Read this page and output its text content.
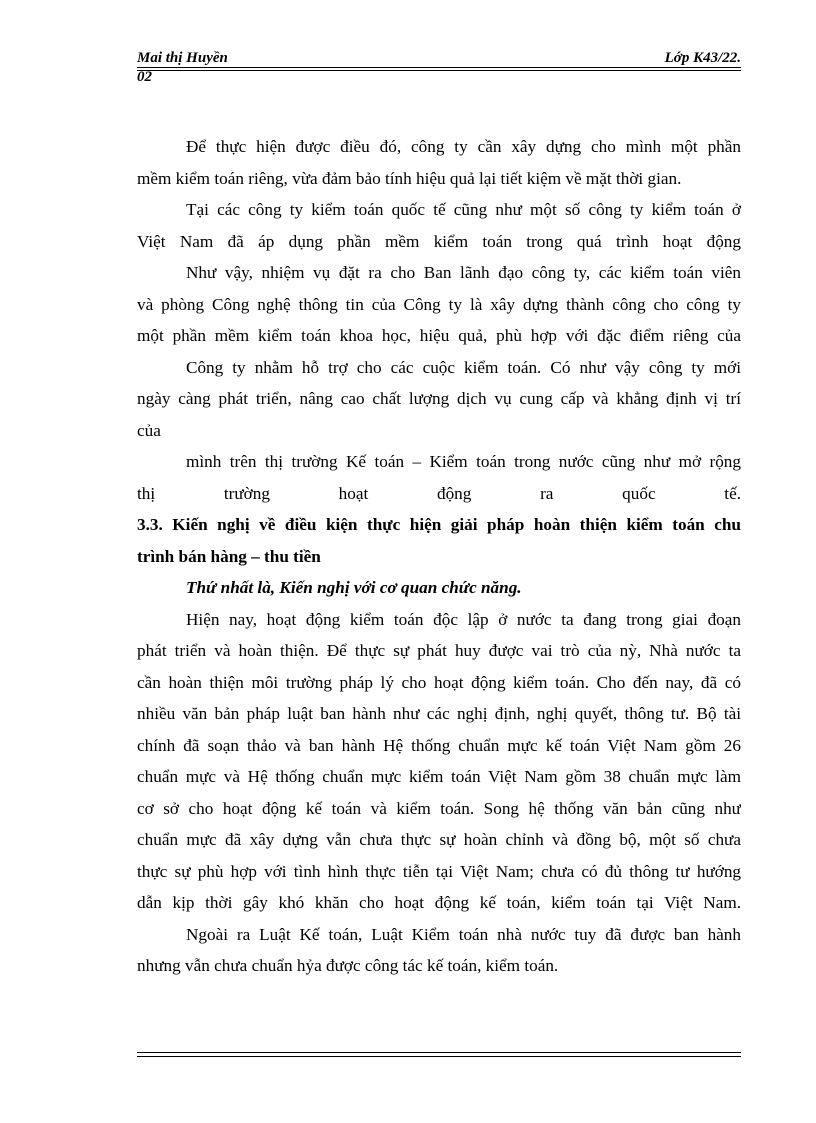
Mai thị Huyền	Lớp K43/22.
02
Để thực hiện được điều đó, công ty cần xây dựng cho mình một phần
mềm kiểm toán riêng, vừa đảm bảo tính hiệu quả lại tiết kiệm về mặt thời gian.
Tại các công ty kiểm toán quốc tế cũng như một số công ty kiểm toán ở
Việt Nam đã áp dụng phần mềm kiểm toán trong quá trình hoạt động
Như vậy, nhiệm vụ đặt ra cho Ban lãnh đạo công ty, các kiểm toán viên
và phòng Công nghệ thông tin của Công ty là xây dựng thành công cho công ty
một phần mềm kiểm toán khoa học, hiệu quả, phù hợp với đặc điểm riêng của
Công ty nhằm hỗ trợ cho các cuộc kiểm toán. Có như vậy công ty mới
ngày càng phát triển, nâng cao chất lượng dịch vụ cung cấp và khẳng định vị trí
của
mình trên thị trường Kế toán – Kiểm toán trong nước cũng như mở rộng
thị trường hoạt động ra quốc tế.
3.3. Kiến nghị về điều kiện thực hiện giải pháp hoàn thiện kiểm toán chu
trình bán hàng – thu tiền
Thứ nhất là, Kiến nghị với cơ quan chức năng.
Hiện nay, hoạt động kiểm toán độc lập ở nước ta đang trong giai đoạn
phát triển và hoàn thiện. Để thực sự phát huy được vai trò của nỳ, Nhà nước ta
cần hoàn thiện môi trường pháp lý cho hoạt động kiểm toán. Cho đến nay, đã có
nhiều văn bản pháp luật ban hành như các nghị định, nghị quyết, thông tư. Bộ tài
chính đã soạn thảo và ban hành Hệ thống chuẩn mực kế toán Việt Nam gồm 26
chuẩn mực và Hệ thống chuẩn mực kiểm toán Việt Nam gồm 38 chuẩn mực làm
cơ sở cho hoạt động kế toán và kiểm toán. Song hệ thống văn bản cũng như
chuẩn mực đã xây dựng vẫn chưa thực sự hoàn chỉnh và đồng bộ, một số chưa
thực sự phù hợp với tình hình thực tiễn tại Việt Nam; chưa có đủ thông tư hướng
dẫn kịp thời gây khó khăn cho hoạt động kế toán, kiểm toán tại Việt Nam.
Ngoài ra Luật Kế toán, Luật Kiểm toán nhà nước tuy đã được ban hành
nhưng vẫn chưa chuẩn hỷa được công tác kế toán, kiểm toán.
